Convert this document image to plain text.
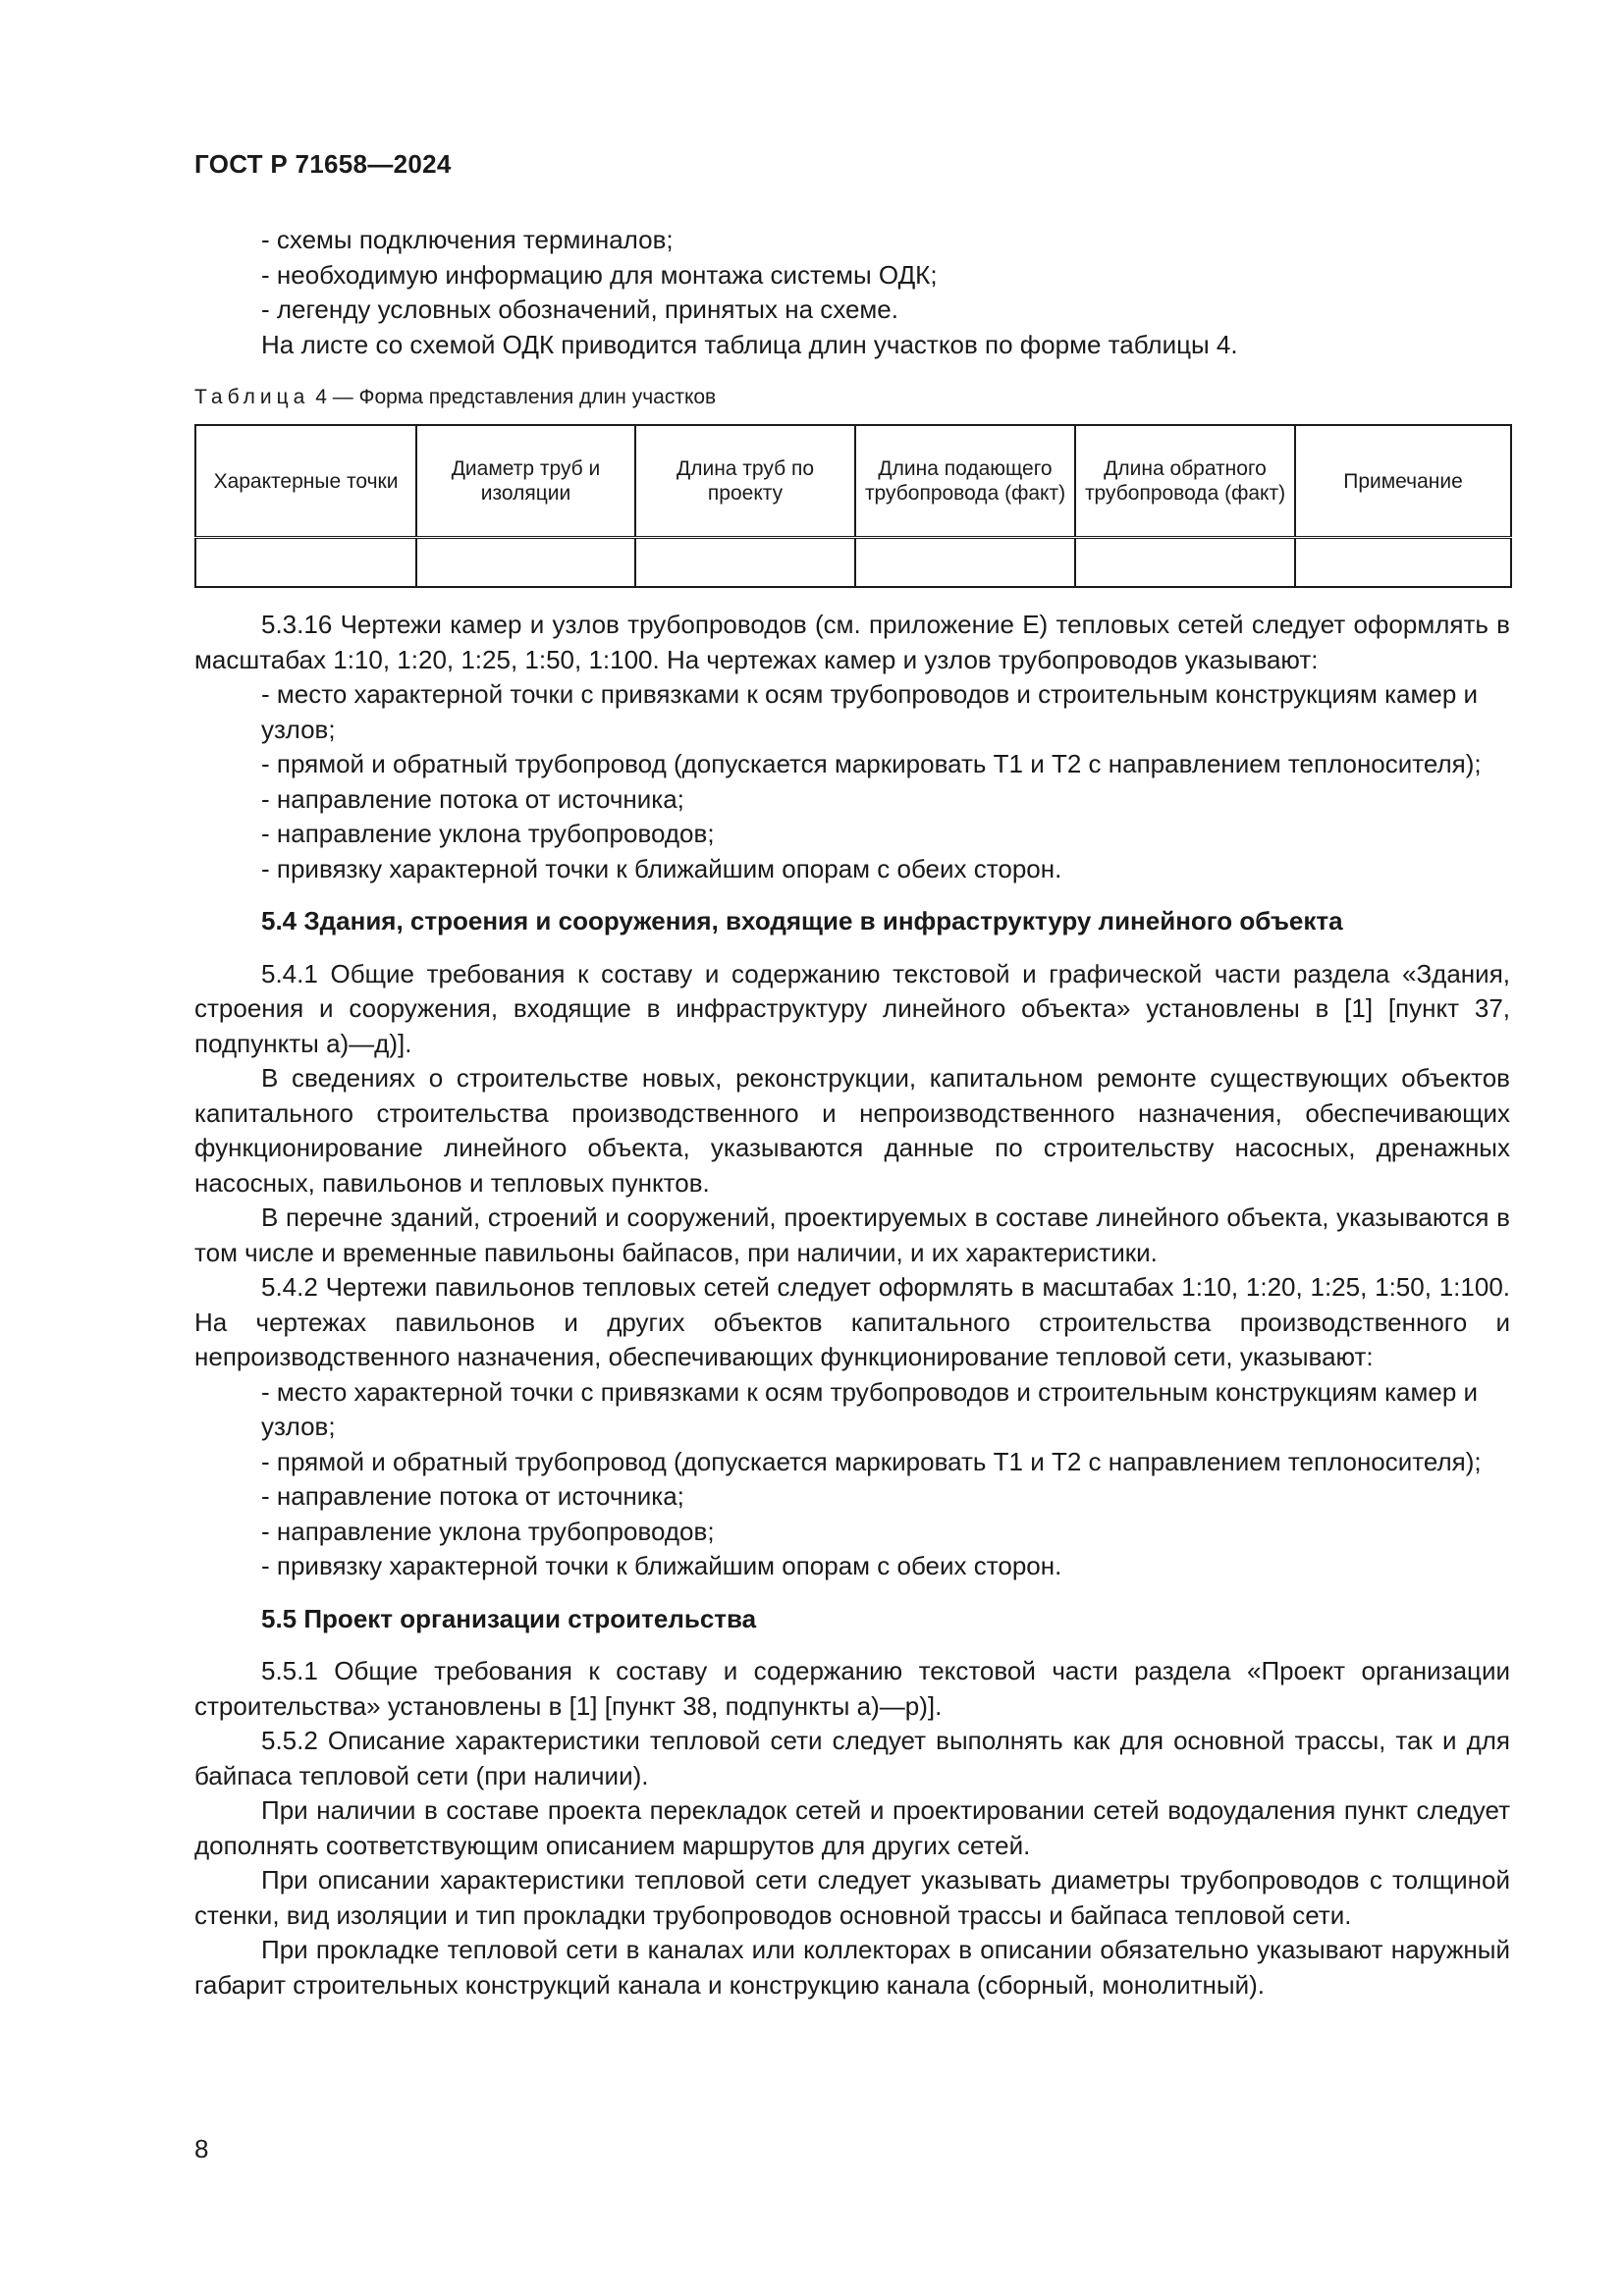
ГОСТ Р 71658—2024

- схемы подключения терминалов;

- необходимую информацию для монтажа системы ОДК;

- легенду условных обозначений, принятых на схеме.

На листе со схемой ОДК приводится таблица длин участков по форме таблицы 4.

Таблица 4 — Форма представления длин участков
Характерные точки	Диаметр труб и изоляции	Длина труб по проекту	Длина подающего трубопровода (факт)	Длина обратного трубопровода (факт)	Примечание

5.3.16 Чертежи камер и узлов трубопроводов (см. приложение Е) тепловых сетей следует оформлять в масштабах 1:10, 1:20, 1:25, 1:50, 1:100. На чертежах камер и узлов трубопроводов указывают:

- место характерной точки с привязками к осям трубопроводов и строительным конструкциям камер и узлов;

- прямой и обратный трубопровод (допускается маркировать Т1 и Т2 с направлением теплоносителя);

- направление потока от источника;

- направление уклона трубопроводов;

- привязку характерной точки к ближайшим опорам с обеих сторон.

5.4 Здания, строения и сооружения, входящие в инфраструктуру линейного объекта

5.4.1 Общие требования к составу и содержанию текстовой и графической части раздела «Здания, строения и сооружения, входящие в инфраструктуру линейного объекта» установлены в [1] [пункт 37, подпункты а)—д)].

В сведениях о строительстве новых, реконструкции, капитальном ремонте существующих объектов капитального строительства производственного и непроизводственного назначения, обеспечивающих функционирование линейного объекта, указываются данные по строительству насосных, дренажных насосных, павильонов и тепловых пунктов.

В перечне зданий, строений и сооружений, проектируемых в составе линейного объекта, указываются в том числе и временные павильоны байпасов, при наличии, и их характеристики.

5.4.2 Чертежи павильонов тепловых сетей следует оформлять в масштабах 1:10, 1:20, 1:25, 1:50, 1:100. На чертежах павильонов и других объектов капитального строительства производственного и непроизводственного назначения, обеспечивающих функционирование тепловой сети, указывают:

- место характерной точки с привязками к осям трубопроводов и строительным конструкциям камер и узлов;

- прямой и обратный трубопровод (допускается маркировать Т1 и Т2 с направлением теплоносителя);

- направление потока от источника;

- направление уклона трубопроводов;

- привязку характерной точки к ближайшим опорам с обеих сторон.

5.5 Проект организации строительства

5.5.1 Общие требования к составу и содержанию текстовой части раздела «Проект организации строительства» установлены в [1] [пункт 38, подпункты а)—р)].

5.5.2 Описание характеристики тепловой сети следует выполнять как для основной трассы, так и для байпаса тепловой сети (при наличии).

При наличии в составе проекта перекладок сетей и проектировании сетей водоудаления пункт следует дополнять соответствующим описанием маршрутов для других сетей.

При описании характеристики тепловой сети следует указывать диаметры трубопроводов с толщиной стенки, вид изоляции и тип прокладки трубопроводов основной трассы и байпаса тепловой сети.

При прокладке тепловой сети в каналах или коллекторах в описании обязательно указывают наружный габарит строительных конструкций канала и конструкцию канала (сборный, монолитный).

8
